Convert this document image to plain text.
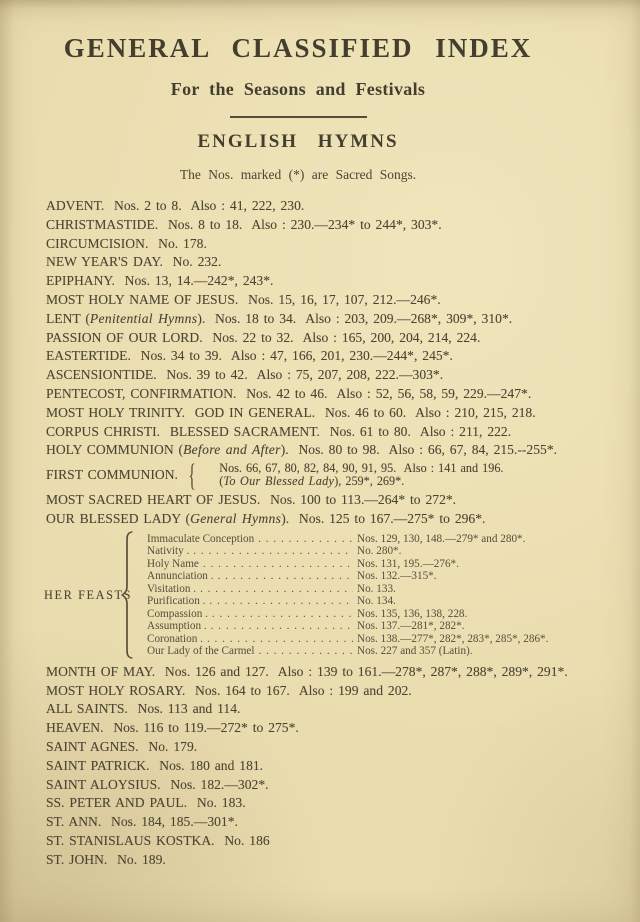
GENERAL CLASSIFIED INDEX
For the Seasons and Festivals
ENGLISH HYMNS
The Nos. marked (*) are Sacred Songs.
ADVENT.  Nos. 2 to 8.  Also : 41, 222, 230.
CHRISTMASTIDE.  Nos. 8 to 18.  Also : 230.—234* to 244*, 303*.
CIRCUMCISION.  No. 178.
NEW YEAR'S DAY.  No. 232.
EPIPHANY.  Nos. 13, 14.—242*, 243*.
MOST HOLY NAME OF JESUS.  Nos. 15, 16, 17, 107, 212.—246*.
LENT (Penitential Hymns).  Nos. 18 to 34.  Also : 203, 209.—268*, 309*, 310*.
PASSION OF OUR LORD.  Nos. 22 to 32.  Also : 165, 200, 204, 214, 224.
EASTERTIDE.  Nos. 34 to 39.  Also : 47, 166, 201, 230.—244*, 245*.
ASCENSIONTIDE.  Nos. 39 to 42.  Also : 75, 207, 208, 222.—303*.
PENTECOST, CONFIRMATION.  Nos. 42 to 46.  Also : 52, 56, 58, 59, 229.—247*.
MOST HOLY TRINITY.  GOD IN GENERAL.  Nos. 46 to 60.  Also : 210, 215, 218.
CORPUS CHRISTI.  BLESSED SACRAMENT.  Nos. 61 to 80.  Also : 211, 222.
HOLY COMMUNION (Before and After).  Nos. 80 to 98.  Also : 66, 67, 84, 215.--255*.
FIRST COMMUNION. {	Nos. 66, 67, 80, 82, 84, 90, 91, 95.  Also : 141 and 196.
(To Our Blessed Lady), 259*, 269*.

MOST SACRED HEART OF JESUS.  Nos. 100 to 113.—264* to 272*.
OUR BLESSED LADY (General Hymns).  Nos. 125 to 167.—275* to 296*.
HER FEASTS
Immaculate Conception . . .	Nos. 129, 130, 148.—279* and 280*.
Nativity . . . .	No. 280*.
Holy Name . . .	Nos. 131, 195.—276*.
Annunciation . . . .	Nos. 132.—315*.
Visitation . . . .	No. 133.
Purification . . . .	No. 134.
Compassion . . . .	Nos. 135, 136, 138, 228.
Assumption . . . .	Nos. 137.—281*, 282*.
Coronation . . . .	Nos. 138.—277*, 282*, 283*, 285*, 286*.
Our Lady of the Carmel . . .	Nos. 227 and 357 (Latin).
MONTH OF MAY.  Nos. 126 and 127.  Also : 139 to 161.—278*, 287*, 288*, 289*, 291*.
MOST HOLY ROSARY.  Nos. 164 to 167.  Also : 199 and 202.
ALL SAINTS.  Nos. 113 and 114.
HEAVEN.  Nos. 116 to 119.—272* to 275*.
SAINT AGNES.  No. 179.
SAINT PATRICK.  Nos. 180 and 181.
SAINT ALOYSIUS.  Nos. 182.—302*.
SS. PETER AND PAUL.  No. 183.
ST. ANN.  Nos. 184, 185.—301*.
ST. STANISLAUS KOSTKA.  No. 186
ST. JOHN.  No. 189.
